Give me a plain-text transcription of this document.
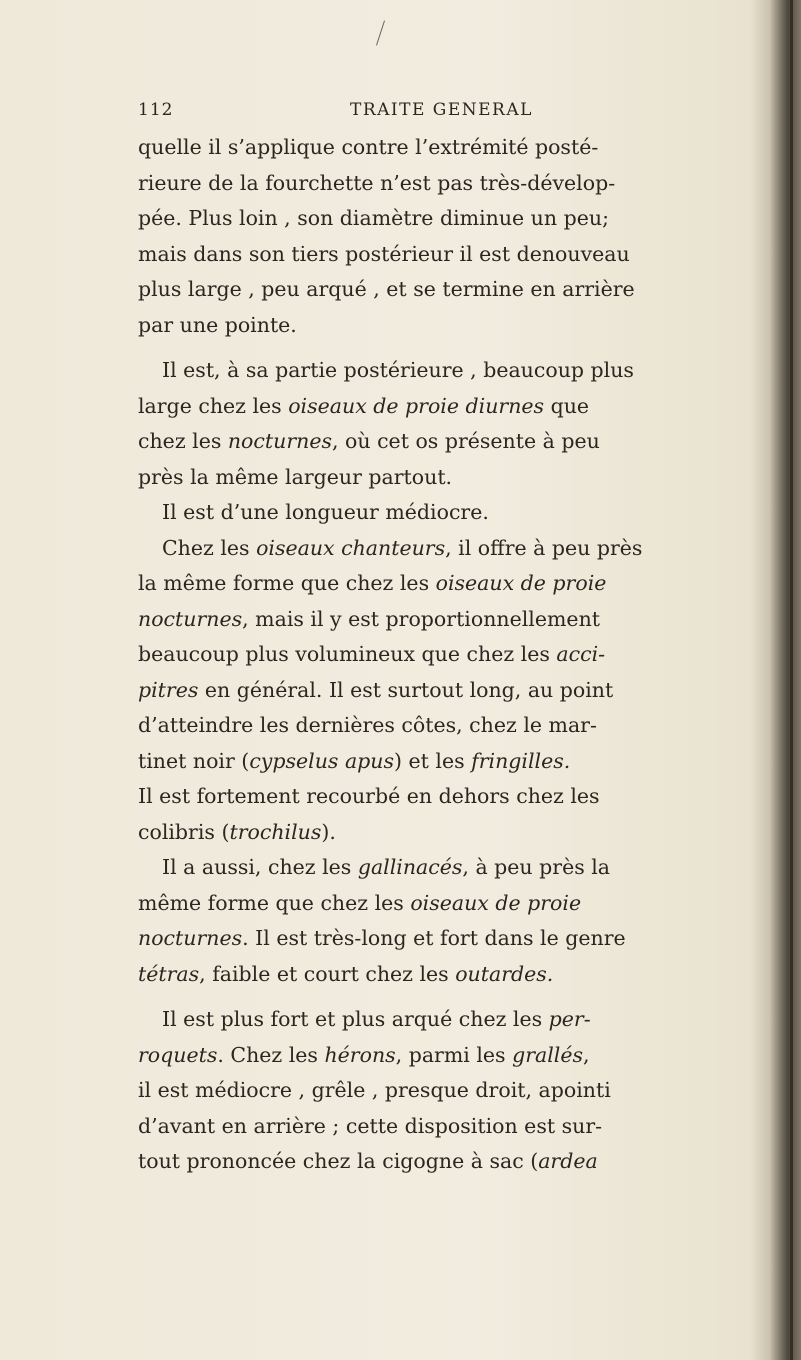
112	TRAITE GENERAL
quelle il s’applique contre l’extrémité posté-
rieure de la fourchette n’est pas très-dévelop-
pée. Plus loin , son diamètre diminue un peu;
mais dans son tiers postérieur il est denouveau
plus large , peu arqué , et se termine en arrière
par une pointe.
Il est, à sa partie postérieure , beaucoup plus
large chez les oiseaux de proie diurnes que
chez les nocturnes, où cet os présente à peu
près la même largeur partout.
Il est d’une longueur médiocre.
Chez les oiseaux chanteurs, il offre à peu près
la même forme que chez les oiseaux de proie
nocturnes, mais il y est proportionnellement
beaucoup plus volumineux que chez les acci-
pitres en général. Il est surtout long, au point
d’atteindre les dernières côtes, chez le mar-
tinet noir (cypselus apus) et les fringilles.
Il est fortement recourbé en dehors chez les
colibris (trochilus).
Il a aussi, chez les gallinacés, à peu près la
même forme que chez les oiseaux de proie
nocturnes. Il est très-long et fort dans le genre
tétras, faible et court chez les outardes.
Il est plus fort et plus arqué chez les per-
roquets. Chez les hérons, parmi les grallés,
il est médiocre , grêle , presque droit, apointi
d’avant en arrière ; cette disposition est sur-
tout prononcée chez la cigogne à sac (ardea
